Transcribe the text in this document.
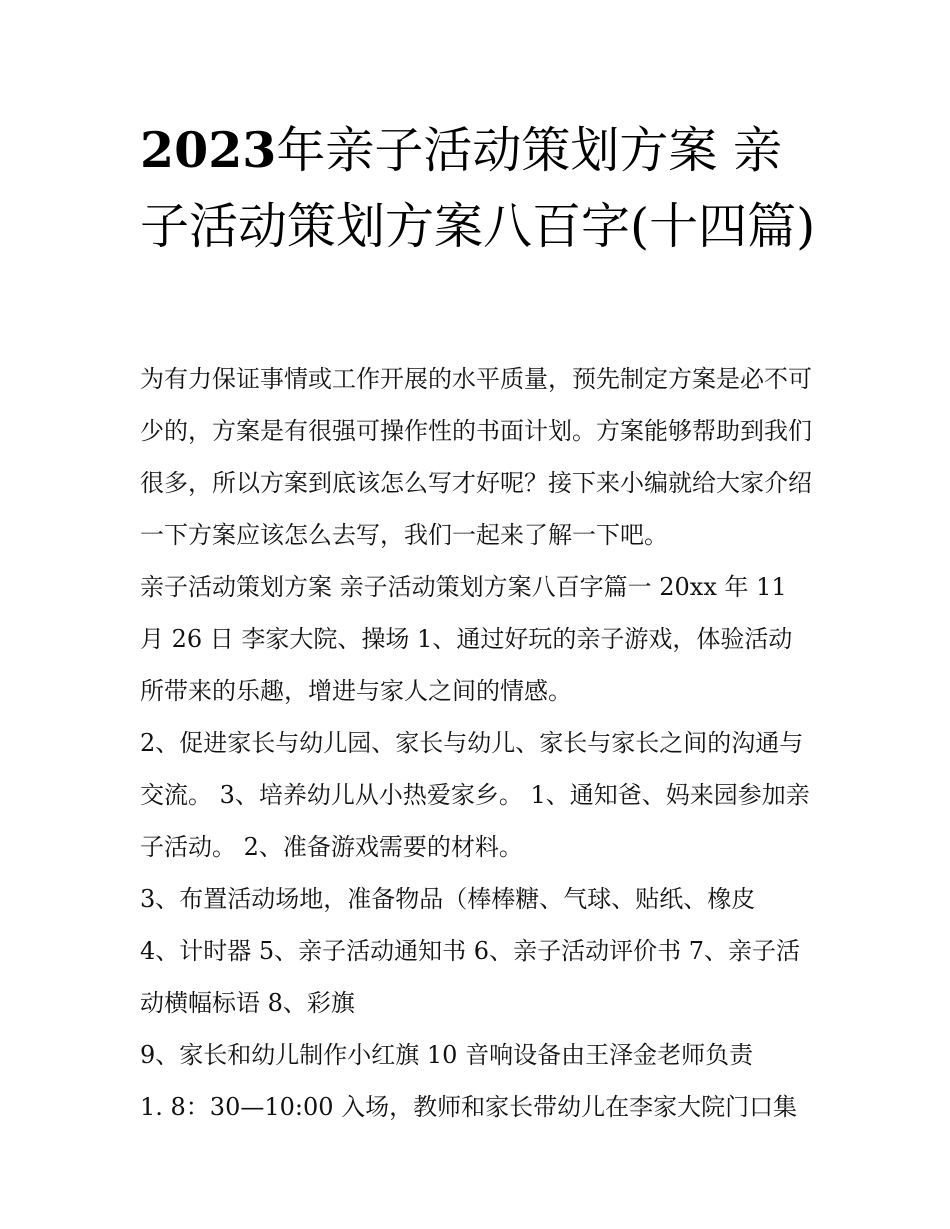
2023年亲子活动策划方案 亲子活动策划方案八百字(十四篇)

为有力保证事情或工作开展的水平质量，预先制定方案是必不可少的，方案是有很强可操作性的书面计划。方案能够帮助到我们很多，所以方案到底该怎么写才好呢？接下来小编就给大家介绍一下方案应该怎么去写，我们一起来了解一下吧。

亲子活动策划方案 亲子活动策划方案八百字篇一 20xx 年 11 月 26 日 李家大院、操场 1、通过好玩的亲子游戏，体验活动所带来的乐趣，增进与家人之间的情感。

2、促进家长与幼儿园、家长与幼儿、家长与家长之间的沟通与交流。 3、培养幼儿从小热爱家乡。 1、通知爸、妈来园参加亲子活动。 2、准备游戏需要的材料。

3、布置活动场地，准备物品（棒棒糖、气球、贴纸、橡皮

4、计时器 5、亲子活动通知书 6、亲子活动评价书 7、亲子活动横幅标语 8、彩旗

9、家长和幼儿制作小红旗 10 音响设备由王泽金老师负责

1. 8：30—10:00 入场，教师和家长带幼儿在李家大院门口集
